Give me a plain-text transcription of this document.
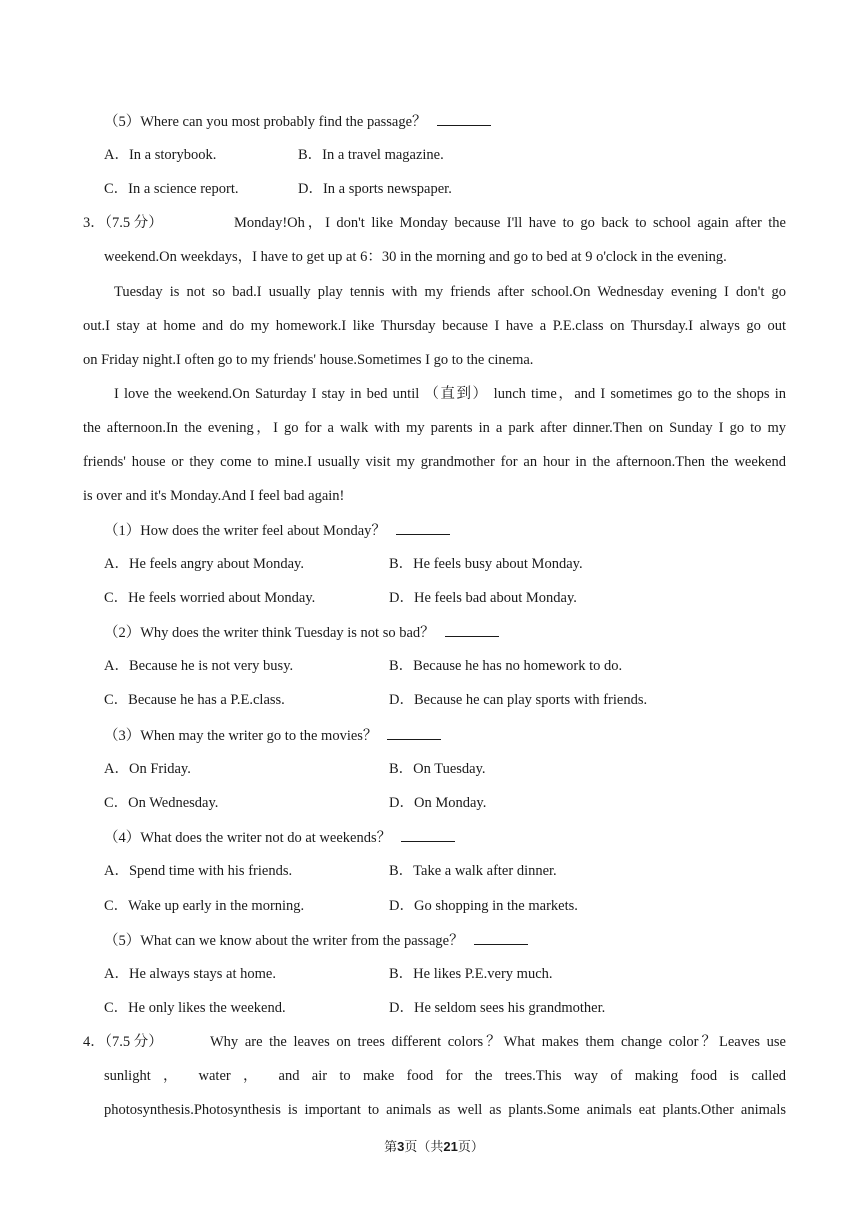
（5）Where can you most probably find the passage？
A．In a storybook.	B．In a travel magazine.
C．In a science report.	D．In a sports newspaper.
3．（7.5 分）	Monday!Oh，I don't like Monday because I'll have to go back to school again after the
weekend.On weekdays，I have to get up at 6：30 in the morning and go to bed at 9 o'clock in the evening.
Tuesday is not so bad.I usually play tennis with my friends after school.On Wednesday evening I don't go
out.I stay at home and do my homework.I like Thursday because I have a P.E.class on Thursday.I always go out
on Friday night.I often go to my friends' house.Sometimes I go to the cinema.
I love the weekend.On Saturday I stay in bed until （直到） lunch time，and I sometimes go to the shops in
the afternoon.In the evening，I go for a walk with my parents in a park after dinner.Then on Sunday I go to my
friends' house or they come to mine.I usually visit my grandmother for an hour in the afternoon.Then the weekend
is over and it's Monday.And I feel bad again!
（1）How does the writer feel about Monday？
A．He feels angry about Monday.	B．He feels busy about Monday.
C．He feels worried about Monday.	D．He feels bad about Monday.
（2）Why does the writer think Tuesday is not so bad？
A．Because he is not very busy.	B．Because he has no homework to do.
C．Because he has a P.E.class.	D．Because he can play sports with friends.
（3）When may the writer go to the movies？
A．On Friday.	B．On Tuesday.
C．On Wednesday.	D．On Monday.
（4）What does the writer not do at weekends？
A．Spend time with his friends.	B．Take a walk after dinner.
C．Wake up early in the morning.	D．Go shopping in the markets.
（5）What can we know about the writer from the passage？
A．He always stays at home.	B．He likes P.E.very much.
C．He only likes the weekend.	D．He seldom sees his grandmother.
4．（7.5 分）	Why are the leaves on trees different colors？What makes them change color？Leaves use
sunlight ， water ， and air to make food for the trees.This way of making food is called
photosynthesis.Photosynthesis is important to animals as well as plants.Some animals eat plants.Other animals
第3页（共21页）
